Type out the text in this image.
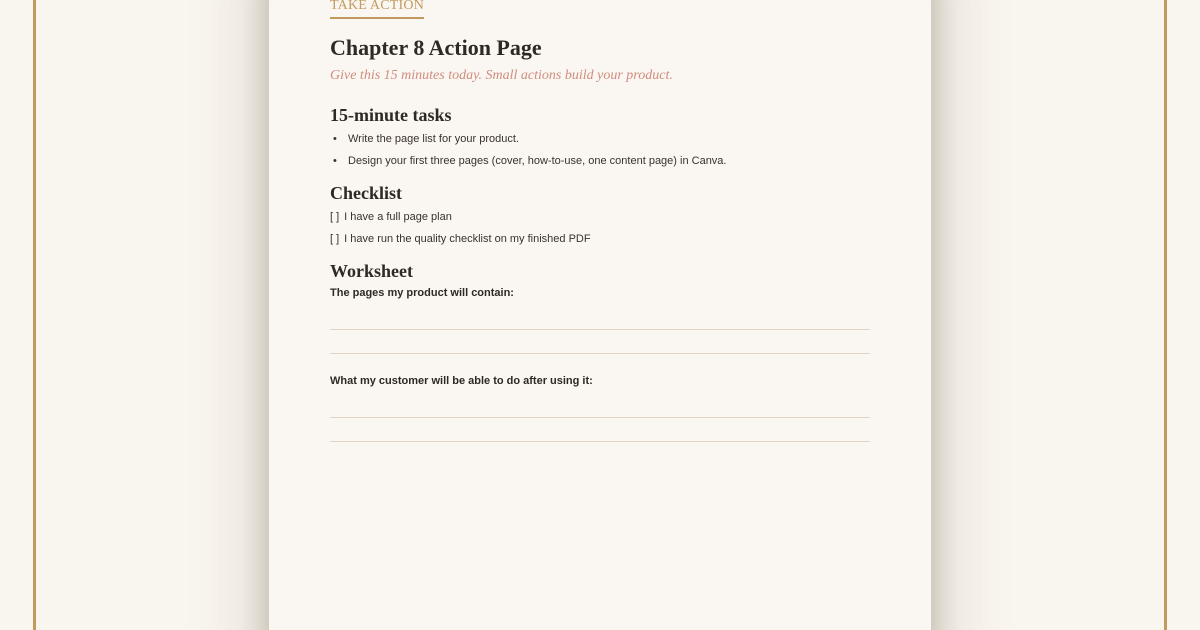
TAKE ACTION
Chapter 8 Action Page
Give this 15 minutes today. Small actions build your product.
15-minute tasks
• Write the page list for your product.
• Design your first three pages (cover, how-to-use, one content page) in Canva.
Checklist
[ ] I have a full page plan
[ ] I have run the quality checklist on my finished PDF
Worksheet
The pages my product will contain:
What my customer will be able to do after using it:
